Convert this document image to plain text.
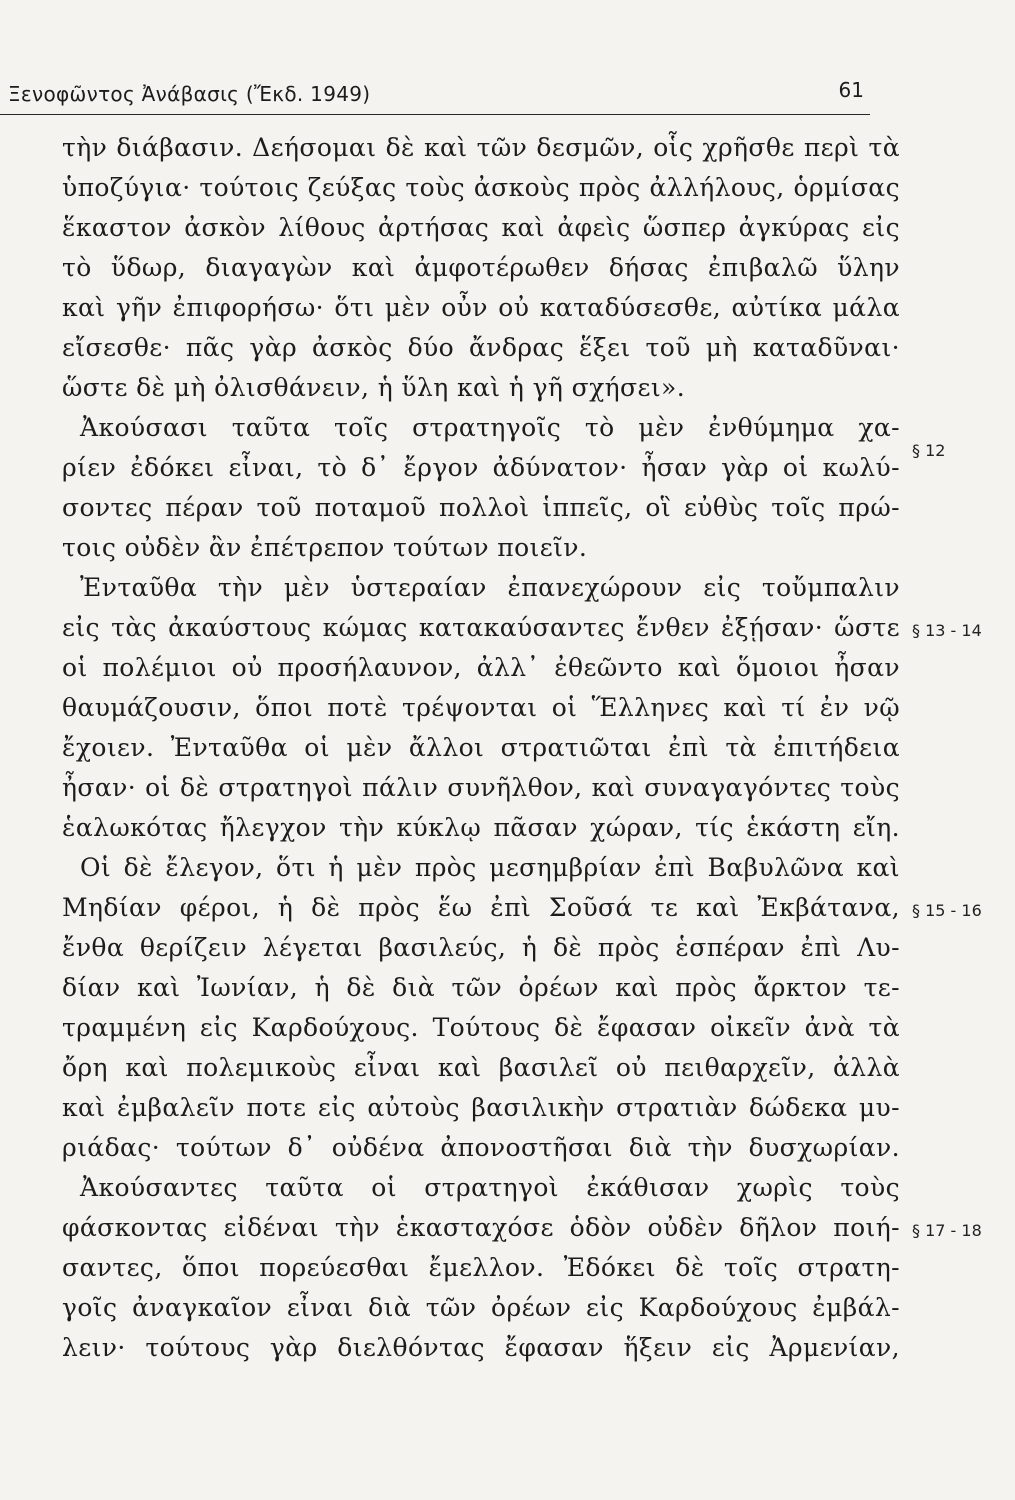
Ξενοφῶντος Ἀνάβασις (Ἔκδ. 1949)	61
τὴν διάβασιν. Δεήσομαι δὲ καὶ τῶν δεσμῶν, οἷς χρῆσθε περὶ τὰ
ὑποζύγια· τούτοις ζεύξας τοὺς ἀσκοὺς πρὸς ἀλλήλους, ὁρμίσας
ἕκαστον ἀσκὸν λίθους ἀρτήσας καὶ ἀφεὶς ὥσπερ ἀγκύρας εἰς
τὸ ὕδωρ, διαγαγὼν καὶ ἀμφοτέρωθεν δήσας ἐπιβαλῶ ὕλην
καὶ γῆν ἐπιφορήσω· ὅτι μὲν οὖν οὐ καταδύσεσθε, αὐτίκα μάλα
εἴσεσθε· πᾶς γὰρ ἀσκὸς δύο ἄνδρας ἕξει τοῦ μὴ καταδῦναι·
ὥστε δὲ μὴ ὀλισθάνειν, ἡ ὕλη καὶ ἡ γῆ σχήσει».
Ἀκούσασι ταῦτα τοῖς στρατηγοῖς τὸ μὲν ἐνθύμημα χα-
ρίεν ἐδόκει εἶναι, τὸ δ᾽ ἔργον ἀδύνατον· ἦσαν γὰρ οἱ κωλύ-
σοντες πέραν τοῦ ποταμοῦ πολλοὶ ἱππεῖς, οἳ εὐθὺς τοῖς πρώ-
τοις οὐδὲν ἂν ἐπέτρεπον τούτων ποιεῖν.
Ἐνταῦθα τὴν μὲν ὑστεραίαν ἐπανεχώρουν εἰς τοὔμπαλιν
εἰς τὰς ἀκαύστους κώμας κατακαύσαντες ἔνθεν ἐξῄσαν· ὥστε
οἱ πολέμιοι οὐ προσήλαυνον, ἀλλ᾽ ἐθεῶντο καὶ ὅμοιοι ἦσαν
θαυμάζουσιν, ὅποι ποτὲ τρέψονται οἱ Ἕλληνες καὶ τί ἐν νῷ
ἔχοιεν. Ἐνταῦθα οἱ μὲν ἄλλοι στρατιῶται ἐπὶ τὰ ἐπιτήδεια
ἦσαν· οἱ δὲ στρατηγοὶ πάλιν συνῆλθον, καὶ συναγαγόντες τοὺς
ἑαλωκότας ἤλεγχον τὴν κύκλῳ πᾶσαν χώραν, τίς ἑκάστη εἴη.
Οἱ δὲ ἔλεγον, ὅτι ἡ μὲν πρὸς μεσημβρίαν ἐπὶ Βαβυλῶνα καὶ
Μηδίαν φέροι, ἡ δὲ πρὸς ἕω ἐπὶ Σοῦσά τε καὶ Ἐκβάτανα,
ἔνθα θερίζειν λέγεται βασιλεύς, ἡ δὲ πρὸς ἑσπέραν ἐπὶ Λυ-
δίαν καὶ Ἰωνίαν, ἡ δὲ διὰ τῶν ὀρέων καὶ πρὸς ἄρκτον τε-
τραμμένη εἰς Καρδούχους. Τούτους δὲ ἔφασαν οἰκεῖν ἀνὰ τὰ
ὄρη καὶ πολεμικοὺς εἶναι καὶ βασιλεῖ οὐ πειθαρχεῖν, ἀλλὰ
καὶ ἐμβαλεῖν ποτε εἰς αὐτοὺς βασιλικὴν στρατιὰν δώδεκα μυ-
ριάδας· τούτων δ᾽ οὐδένα ἀπονοστῆσαι διὰ τὴν δυσχωρίαν.
Ἀκούσαντες ταῦτα οἱ στρατηγοὶ ἐκάθισαν χωρὶς τοὺς
φάσκοντας εἰδέναι τὴν ἑκασταχόσε ὁδὸν οὐδὲν δῆλον ποιή-
σαντες, ὅποι πορεύεσθαι ἔμελλον. Ἐδόκει δὲ τοῖς στρατη-
γοῖς ἀναγκαῖον εἶναι διὰ τῶν ὀρέων εἰς Καρδούχους ἐμβάλ-
λειν· τούτους γὰρ διελθόντας ἔφασαν ἥξειν εἰς Ἀρμενίαν,
§ 12
§ 13 - 14
§ 15 - 16
§ 17 - 18
